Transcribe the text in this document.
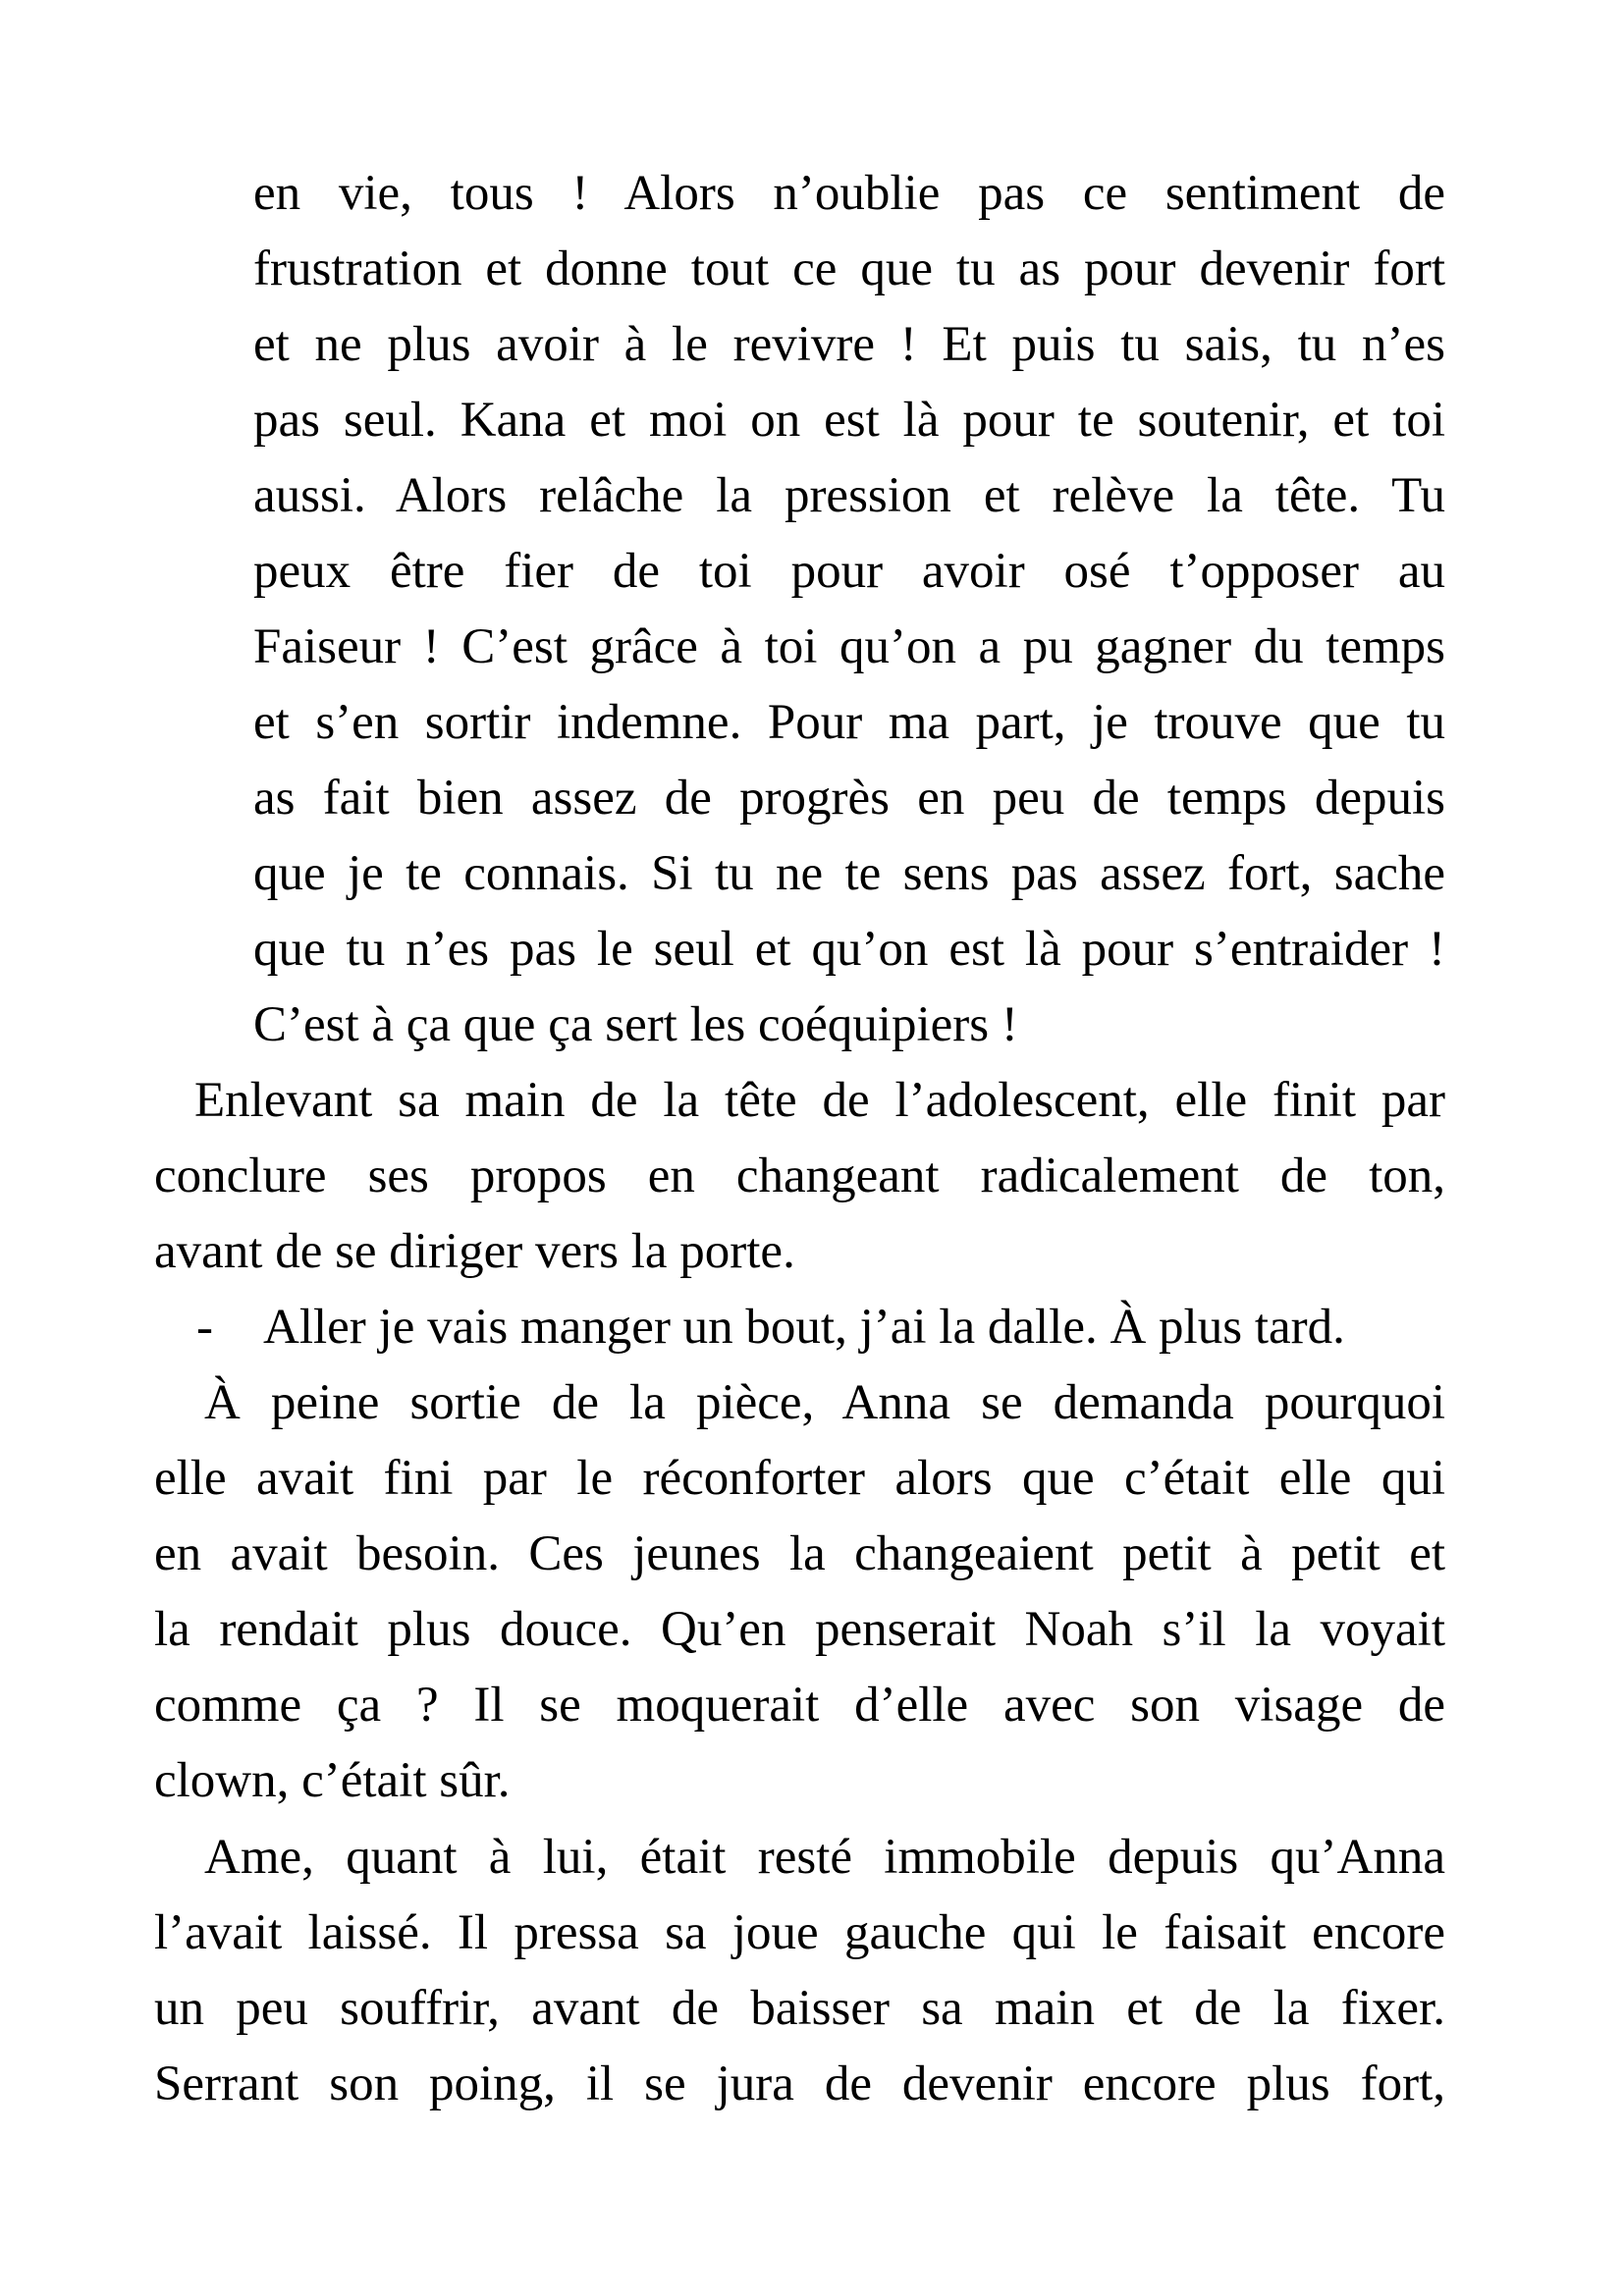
en vie, tous ! Alors n’oublie pas ce sentiment de
frustration et donne tout ce que tu as pour devenir fort
et ne plus avoir à le revivre ! Et puis tu sais, tu n’es
pas seul. Kana et moi on est là pour te soutenir, et toi
aussi. Alors relâche la pression et relève la tête. Tu
peux être fier de toi pour avoir osé t’opposer au
Faiseur ! C’est grâce à toi qu’on a pu gagner du temps
et s’en sortir indemne. Pour ma part, je trouve que tu
as fait bien assez de progrès en peu de temps depuis
que je te connais. Si tu ne te sens pas assez fort, sache
que tu n’es pas le seul et qu’on est là pour s’entraider !
C’est à ça que ça sert les coéquipiers !
Enlevant sa main de la tête de l’adolescent, elle finit par
conclure ses propos en changeant radicalement de ton,
avant de se diriger vers la porte.
- Aller je vais manger un bout, j’ai la dalle. À plus tard.
À peine sortie de la pièce, Anna se demanda pourquoi
elle avait fini par le réconforter alors que c’était elle qui
en avait besoin. Ces jeunes la changeaient petit à petit et
la rendait plus douce. Qu’en penserait Noah s’il la voyait
comme ça ? Il se moquerait d’elle avec son visage de
clown, c’était sûr.
Ame, quant à lui, était resté immobile depuis qu’Anna
l’avait laissé. Il pressa sa joue gauche qui le faisait encore
un peu souffrir, avant de baisser sa main et de la fixer.
Serrant son poing, il se jura de devenir encore plus fort,
